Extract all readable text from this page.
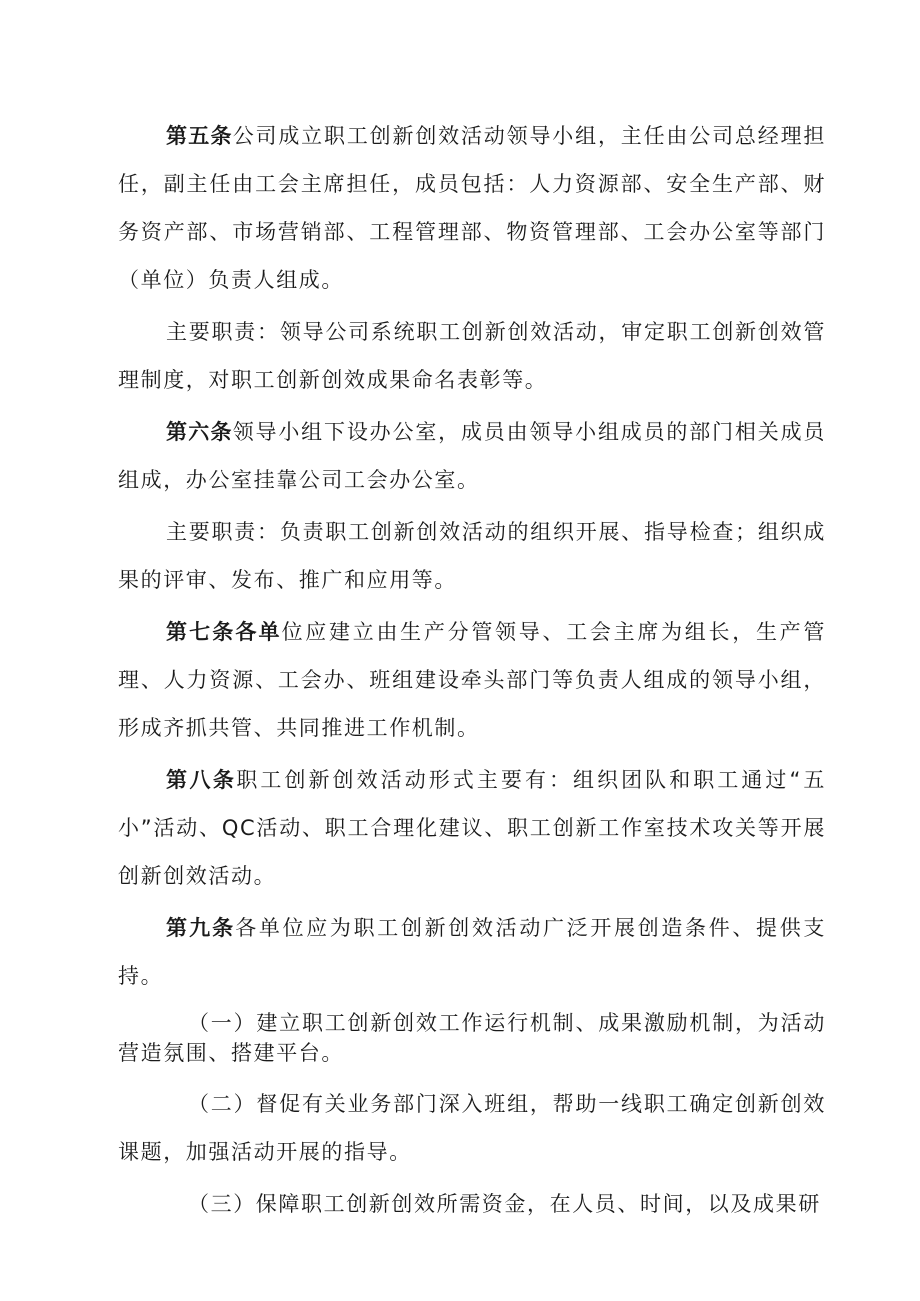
第五条公司成立职工创新创效活动领导小组，主任由公司总经理担任，副主任由工会主席担任，成员包括：人力资源部、安全生产部、财务资产部、市场营销部、工程管理部、物资管理部、工会办公室等部门（单位）负责人组成。

主要职责：领导公司系统职工创新创效活动，审定职工创新创效管理制度，对职工创新创效成果命名表彰等。

第六条领导小组下设办公室，成员由领导小组成员的部门相关成员组成，办公室挂靠公司工会办公室。

主要职责：负责职工创新创效活动的组织开展、指导检查；组织成果的评审、发布、推广和应用等。

第七条各单位应建立由生产分管领导、工会主席为组长，生产管理、人力资源、工会办、班组建设牵头部门等负责人组成的领导小组，形成齐抓共管、共同推进工作机制。

第八条职工创新创效活动形式主要有：组织团队和职工通过“五小”活动、QC活动、职工合理化建议、职工创新工作室技术攻关等开展创新创效活动。

第九条各单位应为职工创新创效活动广泛开展创造条件、提供支持。

（一）建立职工创新创效工作运行机制、成果激励机制，为活动营造氛围、搭建平台。

（二）督促有关业务部门深入班组，帮助一线职工确定创新创效课题，加强活动开展的指导。

（三）保障职工创新创效所需资金，在人员、时间，以及成果研
